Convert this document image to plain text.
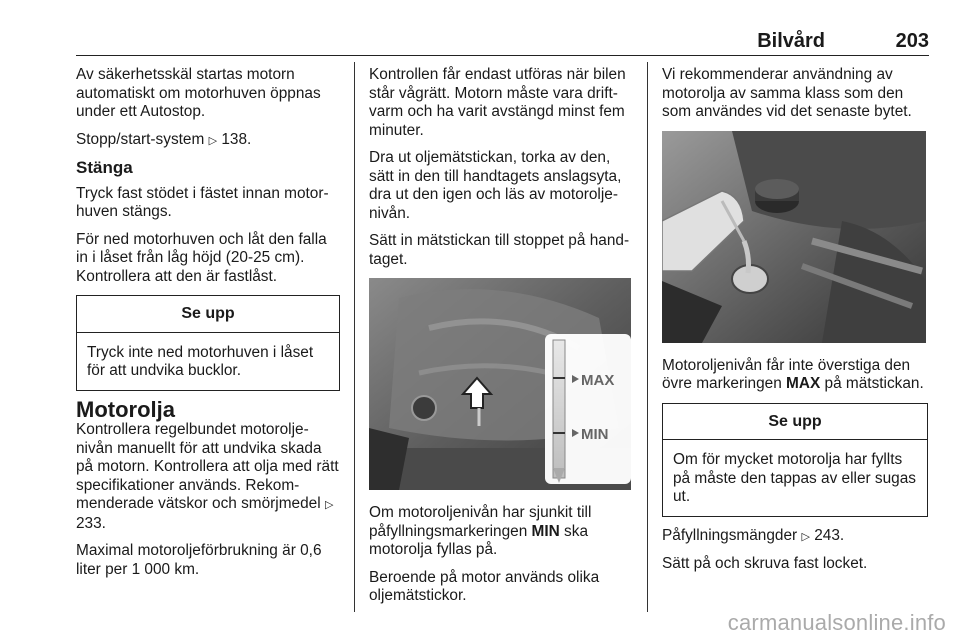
Bilvård	203

Av säkerhetsskäl startas motorn automatiskt om motorhuven öppnas under ett Autostop.

Stopp/start-system ▷ 138.

Stänga

Tryck fast stödet i fästet innan motorhuven stängs.

För ned motorhuven och låt den falla in i låset från låg höjd (20-25 cm). Kontrollera att den är fastlåst.

Se upp
Tryck inte ned motorhuven i låset för att undvika bucklor.
Motorolja

Kontrollera regelbundet motoroljenivån manuellt för att undvika skada på motorn. Kontrollera att olja med rätt specifikationer används. Rekommenderade vätskor och smörjmedel ▷ 233.

Maximal motoroljeförbrukning är 0,6 liter per 1 000 km.

Kontrollen får endast utföras när bilen står vågrätt. Motorn måste vara driftvarm och ha varit avstängd minst fem minuter.

Dra ut oljemätstickan, torka av den, sätt in den till handtagets anslagsyta, dra ut den igen och läs av motoroljenivån.

Sätt in mätstickan till stoppet på handtaget.

MAX
MIN

Om motoroljenivån har sjunkit till påfyllningsmarkeringen MIN ska motorolja fyllas på.

Beroende på motor används olika oljemätstickor.

Vi rekommenderar användning av motorolja av samma klass som den som användes vid det senaste bytet.

Motoroljenivån får inte överstiga den övre markeringen MAX på mätstickan.

Se upp
Om för mycket motorolja har fyllts på måste den tappas av eller sugas ut.

Påfyllningsmängder ▷ 243.

Sätt på och skruva fast locket.

carmanualsonline.info
